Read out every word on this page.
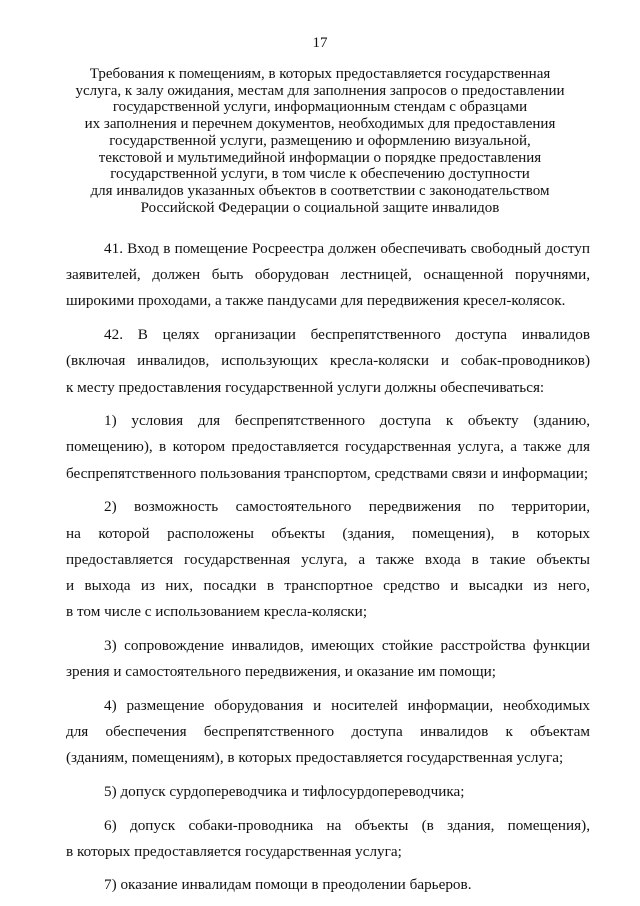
17
Требования к помещениям, в которых предоставляется государственная
услуга, к залу ожидания, местам для заполнения запросов о предоставлении
государственной услуги, информационным стендам с образцами
их заполнения и перечнем документов, необходимых для предоставления
государственной услуги, размещению и оформлению визуальной,
текстовой и мультимедийной информации о порядке предоставления
государственной услуги, в том числе к обеспечению доступности
для инвалидов указанных объектов в соответствии с законодательством
Российской Федерации о социальной защите инвалидов

41. Вход в помещение Росреестра должен обеспечивать свободный доступ
заявителей, должен быть оборудован лестницей, оснащенной поручнями,
широкими проходами, а также пандусами для передвижения кресел-колясок.

42. В целях организации беспрепятственного доступа инвалидов
(включая инвалидов, использующих кресла-коляски и собак-проводников)
к месту предоставления государственной услуги должны обеспечиваться:

1) условия для беспрепятственного доступа к объекту (зданию,
помещению), в котором предоставляется государственная услуга, а также для
беспрепятственного пользования транспортом, средствами связи и информации;

2) возможность самостоятельного передвижения по территории,
на которой расположены объекты (здания, помещения), в которых
предоставляется государственная услуга, а также входа в такие объекты
и выхода из них, посадки в транспортное средство и высадки из него,
в том числе с использованием кресла-коляски;

3) сопровождение инвалидов, имеющих стойкие расстройства функции
зрения и самостоятельного передвижения, и оказание им помощи;

4) размещение оборудования и носителей информации, необходимых
для обеспечения беспрепятственного доступа инвалидов к объектам
(зданиям, помещениям), в которых предоставляется государственная услуга;

5) допуск сурдопереводчика и тифлосурдопереводчика;

6) допуск собаки-проводника на объекты (в здания, помещения),
в которых предоставляется государственная услуга;

7) оказание инвалидам помощи в преодолении барьеров.
